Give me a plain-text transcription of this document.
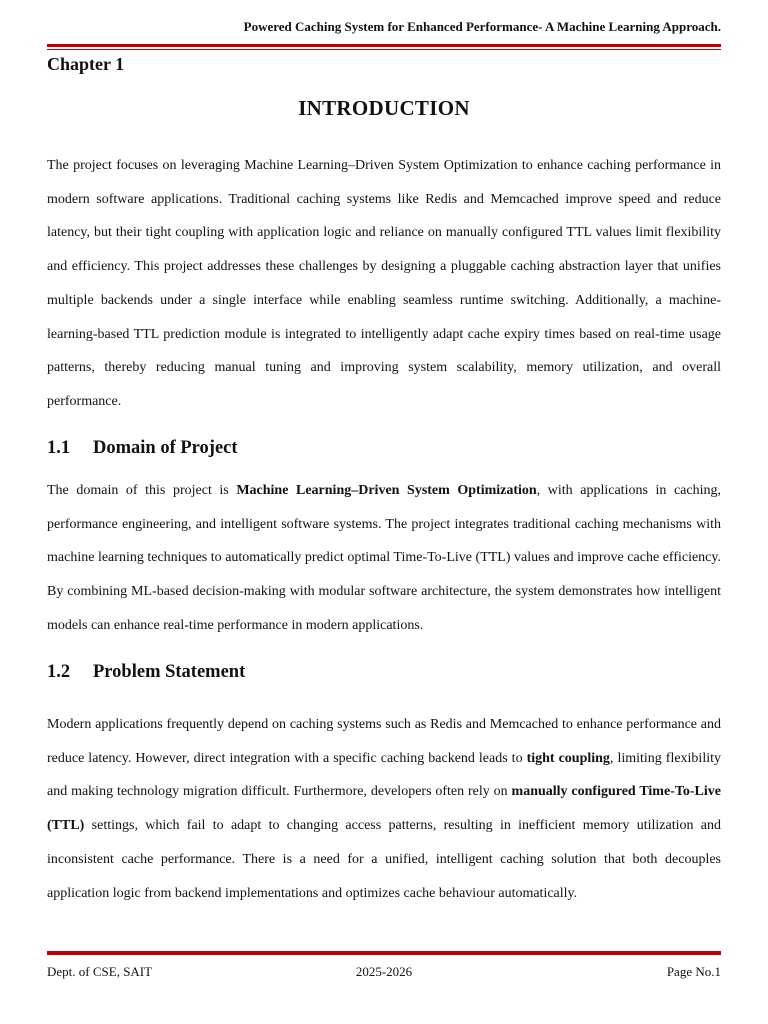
Powered Caching System for Enhanced Performance- A Machine Learning Approach.
Chapter 1
INTRODUCTION

The project focuses on leveraging Machine Learning–Driven System Optimization to enhance caching performance in modern software applications. Traditional caching systems like Redis and Memcached improve speed and reduce latency, but their tight coupling with application logic and reliance on manually configured TTL values limit flexibility and efficiency. This project addresses these challenges by designing a pluggable caching abstraction layer that unifies multiple backends under a single interface while enabling seamless runtime switching. Additionally, a machine-learning-based TTL prediction module is integrated to intelligently adapt cache expiry times based on real-time usage patterns, thereby reducing manual tuning and improving system scalability, memory utilization, and overall performance.

1.1 Domain of Project

The domain of this project is Machine Learning–Driven System Optimization, with applications in caching, performance engineering, and intelligent software systems. The project integrates traditional caching mechanisms with machine learning techniques to automatically predict optimal Time-To-Live (TTL) values and improve cache efficiency. By combining ML-based decision-making with modular software architecture, the system demonstrates how intelligent models can enhance real-time performance in modern applications.

1.2 Problem Statement

Modern applications frequently depend on caching systems such as Redis and Memcached to enhance performance and reduce latency. However, direct integration with a specific caching backend leads to tight coupling, limiting flexibility and making technology migration difficult. Furthermore, developers often rely on manually configured Time-To-Live (TTL) settings, which fail to adapt to changing access patterns, resulting in inefficient memory utilization and inconsistent cache performance. There is a need for a unified, intelligent caching solution that both decouples application logic from backend implementations and optimizes cache behaviour automatically.

Dept. of CSE, SAIT	2025-2026	Page No.1
